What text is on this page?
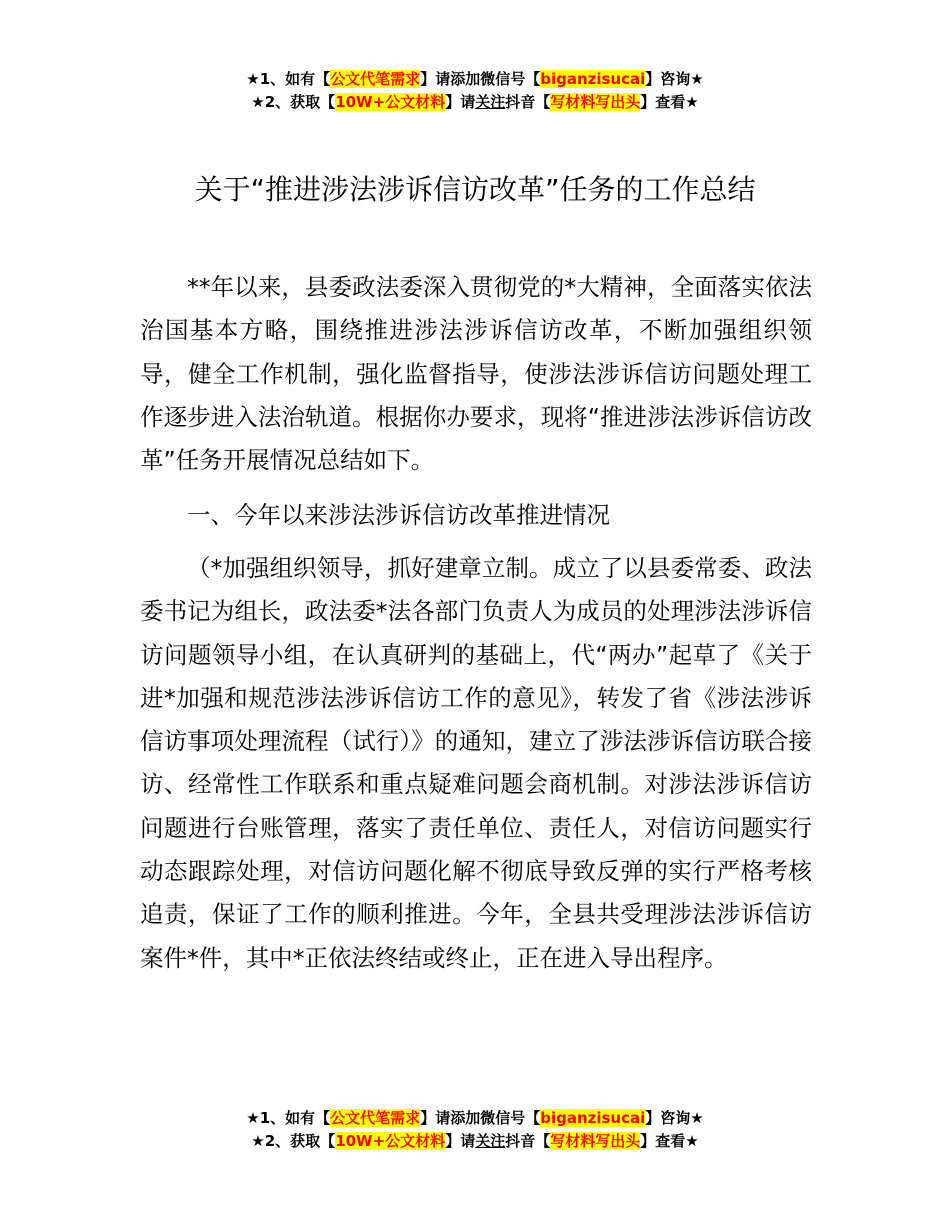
★1、如有【公文代笔需求】请添加微信号【biganzisucai】咨询★
★2、获取【10W+公文材料】请关注抖音【写材料写出头】查看★
关于“推进涉法涉诉信访改革”任务的工作总结

**年以来，县委政法委深入贯彻党的*大精神，全面落实依法治国基本方略，围绕推进涉法涉诉信访改革，不断加强组织领导，健全工作机制，强化监督指导，使涉法涉诉信访问题处理工作逐步进入法治轨道。根据你办要求，现将“推进涉法涉诉信访改革”任务开展情况总结如下。

一、今年以来涉法涉诉信访改革推进情况

（*加强组织领导，抓好建章立制。成立了以县委常委、政法委书记为组长，政法委*法各部门负责人为成员的处理涉法涉诉信访问题领导小组，在认真研判的基础上，代“两办”起草了《关于进*加强和规范涉法涉诉信访工作的意见》，转发了省《涉法涉诉信访事项处理流程（试行）》的通知，建立了涉法涉诉信访联合接访、经常性工作联系和重点疑难问题会商机制。对涉法涉诉信访问题进行台账管理，落实了责任单位、责任人，对信访问题实行动态跟踪处理，对信访问题化解不彻底导致反弹的实行严格考核追责，保证了工作的顺利推进。今年，全县共受理涉法涉诉信访案件*件，其中*正依法终结或终止，正在进入导出程序。

★1、如有【公文代笔需求】请添加微信号【biganzisucai】咨询★
★2、获取【10W+公文材料】请关注抖音【写材料写出头】查看★
